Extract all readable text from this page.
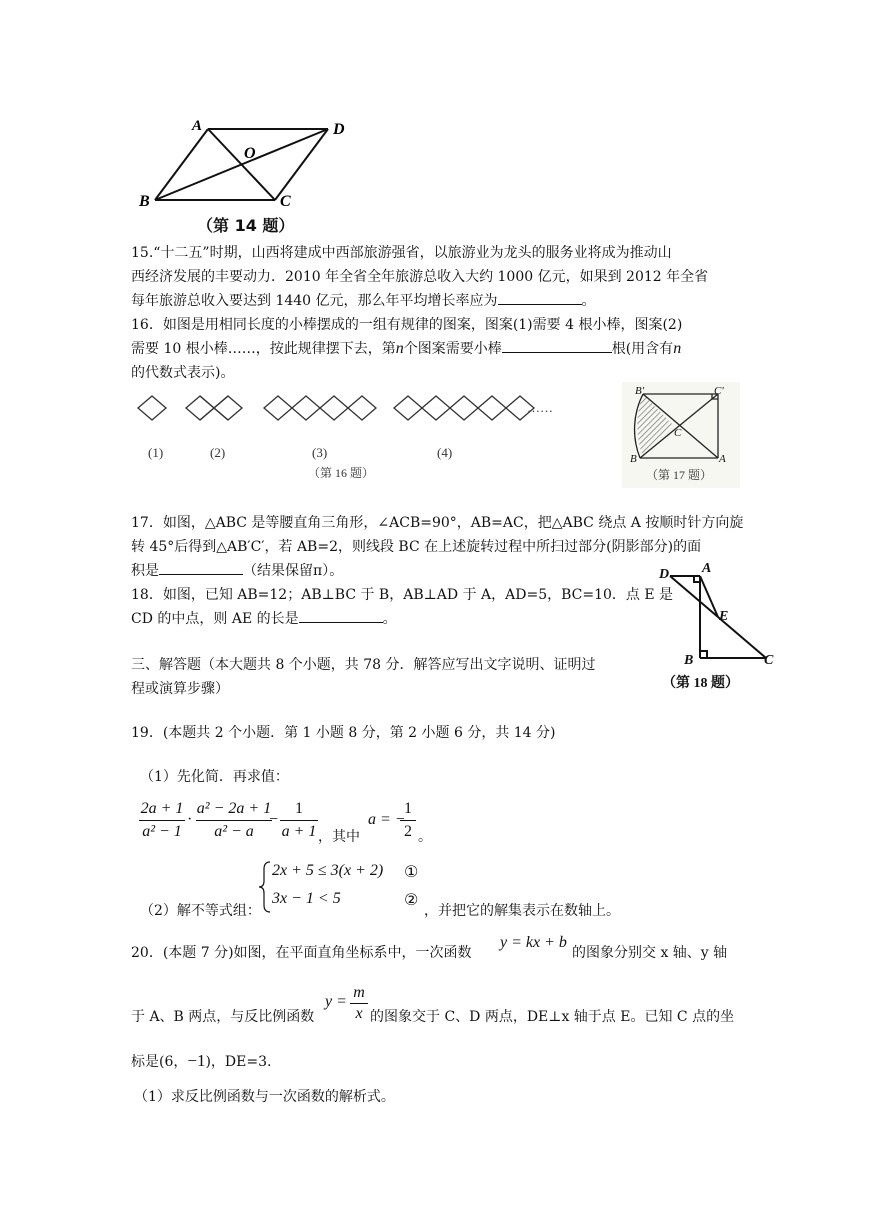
A	D
O
B	C
（第 14 题）
15.“十二五”时期，山西将建成中西部旅游强省，以旅游业为龙头的服务业将成为推动山
西经济发展的丰要动力．2010 年全省全年旅游总收入大约 1000 亿元，如果到 2012 年全省
每年旅游总收入要达到 1440 亿元，那么年平均增长率应为	。
16．如图是用相同长度的小棒摆成的一组有规律的图案，图案(1)需要 4 根小棒，图案(2)
需要 10 根小棒……，按此规律摆下去，第n个图案需要小棒	根(用含有n
的代数式表示)。
……
(1)	(2)	(3)	(4)
（第 16 题）
B′	C′
C
B	A
（第 17 题）
17．如图，△ABC 是等腰直角三角形，∠ACB=90°，AB=AC，把△ABC 绕点 A 按顺时针方向旋
转 45°后得到△AB′C′，若 AB=2，则线段 BC 在上述旋转过程中所扫过部分(阴影部分)的面
积是	（结果保留π）。
18．如图，已知 AB=12；AB⊥BC 于 B，AB⊥AD 于 A，AD=5，BC=10．点 E 是
CD 的中点，则 AE 的长是	。
D A
E
B	C
（第 18 题）
三、解答题（本大题共 8 个小题，共 78 分．解答应写出文字说明、证明过
程或演算步骤）
19．(本题共 2 个小题．第 1 小题 8 分，第 2 小题 6 分，共 14 分)
（1）先化简．再求值：
2a + 1
a² − 1
·
a² − 2a + 1
a² − a
−
1
a + 1 ，其中
a = −
1
2 。
（2）解不等式组：
2x + 5 ≤ 3(x + 2)
3x − 1 < 5
①
②
，并把它的解集表示在数轴上。
20．(本题 7 分)如图，在平面直角坐标系中，一次函数
y = kx + b
的图象分别交 x 轴、y 轴
于 A、B 两点，与反比例函数
y =
m
x 的图象交于 C、D 两点，DE⊥x 轴于点 E。已知 C 点的坐
标是(6，−1)，DE=3.
（1）求反比例函数与一次函数的解析式。
